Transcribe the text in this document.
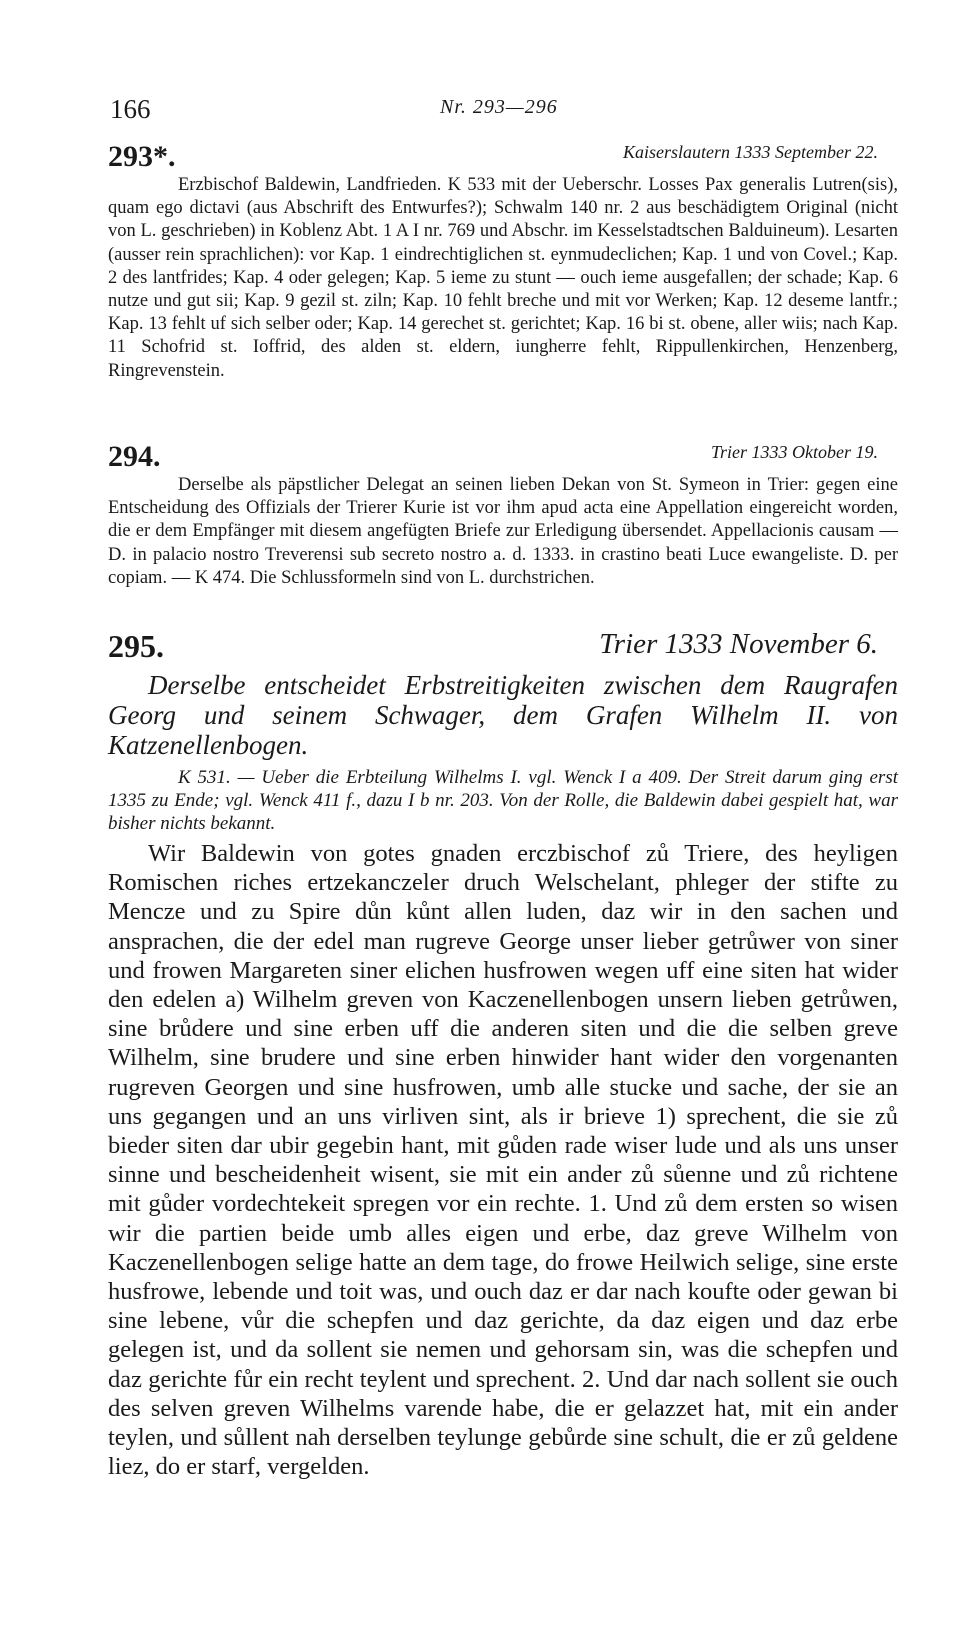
166	Nr. 293—296
293*.	Kaiserslautern 1333 September 22.

Erzbischof Baldewin, Landfrieden. K 533 mit der Ueberschr. Losses Pax generalis Lutren(sis), quam ego dictavi (aus Abschrift des Entwurfes?); Schwalm 140 nr. 2 aus beschädigtem Original (nicht von L. geschrieben) in Koblenz Abt. 1 A I nr. 769 und Abschr. im Kesselstadtschen Balduineum). Lesarten (ausser rein sprachlichen): vor Kap. 1 eindrechtiglichen st. eynmudeclichen; Kap. 1 und von Covel.; Kap. 2 des lantfrides; Kap. 4 oder gelegen; Kap. 5 ieme zu stunt — ouch ieme ausgefallen; der schade; Kap. 6 nutze und gut sii; Kap. 9 gezil st. ziln; Kap. 10 fehlt breche und mit vor Werken; Kap. 12 deseme lantfr.; Kap. 13 fehlt uf sich selber oder; Kap. 14 gerechet st. gerichtet; Kap. 16 bi st. obene, aller wiis; nach Kap. 11 Schofrid st. Ioffrid, des alden st. eldern, iungherre fehlt, Rippullenkirchen, Henzenberg, Ringrevenstein.

294.	Trier 1333 Oktober 19.

Derselbe als päpstlicher Delegat an seinen lieben Dekan von St. Symeon in Trier: gegen eine Entscheidung des Offizials der Trierer Kurie ist vor ihm apud acta eine Appellation eingereicht worden, die er dem Empfänger mit diesem angefügten Briefe zur Erledigung übersendet. Appellacionis causam — D. in palacio nostro Treverensi sub secreto nostro a. d. 1333. in crastino beati Luce ewangeliste. D. per copiam. — K 474. Die Schlussformeln sind von L. durchstrichen.

295.	Trier 1333 November 6.

Derselbe entscheidet Erbstreitigkeiten zwischen dem Raugrafen Georg und seinem Schwager, dem Grafen Wilhelm II. von Katzenellenbogen.

K 531. — Ueber die Erbteilung Wilhelms I. vgl. Wenck I a 409. Der Streit darum ging erst 1335 zu Ende; vgl. Wenck 411 f., dazu I b nr. 203. Von der Rolle, die Baldewin dabei gespielt hat, war bisher nichts bekannt.

Wir Baldewin von gotes gnaden erczbischof zů Triere, des heyligen Romischen riches ertzekanczeler druch Welschelant, phleger der stifte zu Mencze und zu Spire důn kůnt allen luden, daz wir in den sachen und ansprachen, die der edel man rugreve George unser lieber getrůwer von siner und frowen Margareten siner elichen husfrowen wegen uff eine siten hat wider den edelen a) Wilhelm greven von Kaczenellenbogen unsern lieben getrůwen, sine brůdere und sine erben uff die anderen siten und die die selben greve Wilhelm, sine brudere und sine erben hinwider hant wider den vorgenanten rugreven Georgen und sine husfrowen, umb alle stucke und sache, der sie an uns gegangen und an uns virliven sint, als ir brieve 1) sprechent, die sie zů bieder siten dar ubir gegebin hant, mit gůden rade wiser lude und als uns unser sinne und bescheidenheit wisent, sie mit ein ander zů sůenne und zů richtene mit gůder vordechtekeit spregen vor ein rechte. 1. Und zů dem ersten so wisen wir die partien beide umb alles eigen und erbe, daz greve Wilhelm von Kaczenellenbogen selige hatte an dem tage, do frowe Heilwich selige, sine erste husfrowe, lebende und toit was, und ouch daz er dar nach koufte oder gewan bi sine lebene, vůr die schepfen und daz gerichte, da daz eigen und daz erbe gelegen ist, und da sollent sie nemen und gehorsam sin, was die schepfen und daz gerichte fůr ein recht teylent und sprechent. 2. Und dar nach sollent sie ouch des selven greven Wilhelms varende habe, die er gelazzet hat, mit ein ander teylen, und sůllent nah derselben teylunge gebůrde sine schult, die er zů geldene liez, do er starf, vergelden.
